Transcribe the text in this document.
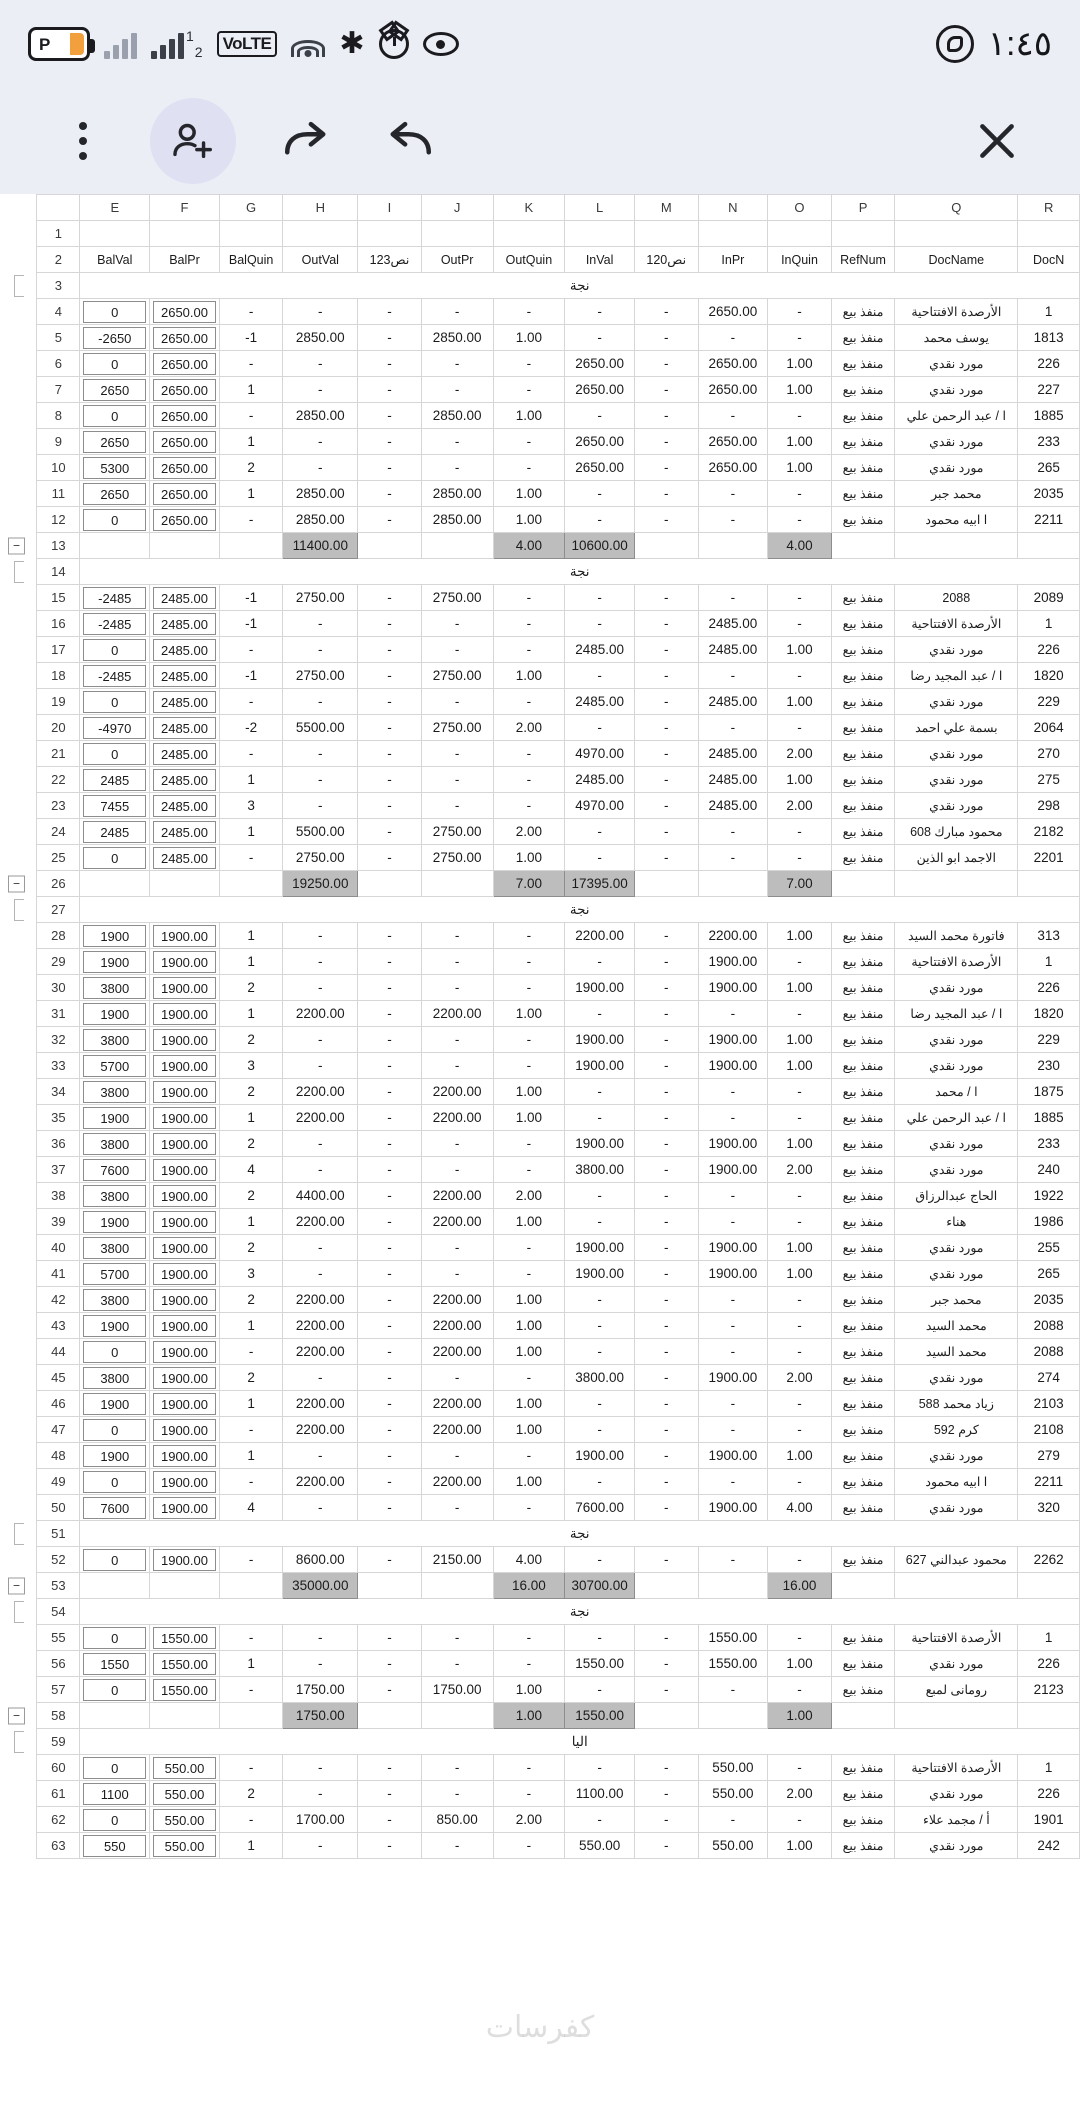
P	1
2	VoLTE ✱	١:٤٥
		E	F	G	H	I	J	K	L	M	N	O	P	Q	R
	1														
	2	BalVal	BalPr	BalQuin	OutVal	123نص	OutPr	OutQuin	InVal	120نص	InPr	InQuin	RefNum	DocName	DocN

	3	نجة													
	4	0	2650.00	-	-	-	-	-	-	-	2650.00	-	منفذ بيع	الأرصدة الافتتاحية	1
	5	-2650	2650.00	-1	2850.00	-	2850.00	1.00	-	-	-	-	منفذ بيع	يوسف محمد	1813
	6	0	2650.00	-	-	-	-	-	2650.00	-	2650.00	1.00	منفذ بيع	مورد نقدي	226
	7	2650	2650.00	1	-	-	-	-	2650.00	-	2650.00	1.00	منفذ بيع	مورد نقدي	227
	8	0	2650.00	-	2850.00	-	2850.00	1.00	-	-	-	-	منفذ بيع	ا / عبد الرحمن علي	1885
	9	2650	2650.00	1	-	-	-	-	2650.00	-	2650.00	1.00	منفذ بيع	مورد نقدي	233
	10	5300	2650.00	2	-	-	-	-	2650.00	-	2650.00	1.00	منفذ بيع	مورد نقدي	265
	11	2650	2650.00	1	2850.00	-	2850.00	1.00	-	-	-	-	منفذ بيع	محمد جبر	2035
	12	0	2650.00	-	2850.00	-	2850.00	1.00	-	-	-	-	منفذ بيع	ا ابيه محمود	2211

−	13				11400.00			4.00	10600.00			4.00			

	14	نجة													
	15	-2485	2485.00	-1	2750.00	-	2750.00	-	-	-	-	-	منفذ بيع	2088	2089
	16	-2485	2485.00	-1	-	-	-	-	-	-	2485.00	-	منفذ بيع	الأرصدة الافتتاحية	1
	17	0	2485.00	-	-	-	-	-	2485.00	-	2485.00	1.00	منفذ بيع	مورد نقدي	226
	18	-2485	2485.00	-1	2750.00	-	2750.00	1.00	-	-	-	-	منفذ بيع	ا / عبد المجيد رضا	1820
	19	0	2485.00	-	-	-	-	-	2485.00	-	2485.00	1.00	منفذ بيع	مورد نقدي	229
	20	-4970	2485.00	-2	5500.00	-	2750.00	2.00	-	-	-	-	منفذ بيع	بسمة علي احمد	2064
	21	0	2485.00	-	-	-	-	-	4970.00	-	2485.00	2.00	منفذ بيع	مورد نقدي	270
	22	2485	2485.00	1	-	-	-	-	2485.00	-	2485.00	1.00	منفذ بيع	مورد نقدي	275
	23	7455	2485.00	3	-	-	-	-	4970.00	-	2485.00	2.00	منفذ بيع	مورد نقدي	298
	24	2485	2485.00	1	5500.00	-	2750.00	2.00	-	-	-	-	منفذ بيع	محمود مبارك 608	2182
	25	0	2485.00	-	2750.00	-	2750.00	1.00	-	-	-	-	منفذ بيع	الاجمد ابو الذين	2201

−	26				19250.00			7.00	17395.00			7.00			

	27	نجة													
	28	1900	1900.00	1	-	-	-	-	2200.00	-	2200.00	1.00	منفذ بيع	فاتورة محمد السيد	313
	29	1900	1900.00	1	-	-	-	-	-	-	1900.00	-	منفذ بيع	الأرصدة الافتتاحية	1
	30	3800	1900.00	2	-	-	-	-	1900.00	-	1900.00	1.00	منفذ بيع	مورد نقدي	226
	31	1900	1900.00	1	2200.00	-	2200.00	1.00	-	-	-	-	منفذ بيع	ا / عبد المجيد رضا	1820
	32	3800	1900.00	2	-	-	-	-	1900.00	-	1900.00	1.00	منفذ بيع	مورد نقدي	229
	33	5700	1900.00	3	-	-	-	-	1900.00	-	1900.00	1.00	منفذ بيع	مورد نقدي	230
	34	3800	1900.00	2	2200.00	-	2200.00	1.00	-	-	-	-	منفذ بيع	ا / محمد	1875
	35	1900	1900.00	1	2200.00	-	2200.00	1.00	-	-	-	-	منفذ بيع	ا / عبد الرحمن علي	1885
	36	3800	1900.00	2	-	-	-	-	1900.00	-	1900.00	1.00	منفذ بيع	مورد نقدي	233
	37	7600	1900.00	4	-	-	-	-	3800.00	-	1900.00	2.00	منفذ بيع	مورد نقدي	240
	38	3800	1900.00	2	4400.00	-	2200.00	2.00	-	-	-	-	منفذ بيع	الحاج عبدالرزاق	1922
	39	1900	1900.00	1	2200.00	-	2200.00	1.00	-	-	-	-	منفذ بيع	هناء	1986
	40	3800	1900.00	2	-	-	-	-	1900.00	-	1900.00	1.00	منفذ بيع	مورد نقدي	255
	41	5700	1900.00	3	-	-	-	-	1900.00	-	1900.00	1.00	منفذ بيع	مورد نقدي	265
	42	3800	1900.00	2	2200.00	-	2200.00	1.00	-	-	-	-	منفذ بيع	محمد جبر	2035
	43	1900	1900.00	1	2200.00	-	2200.00	1.00	-	-	-	-	منفذ بيع	محمد السيد	2088
	44	0	1900.00	-	2200.00	-	2200.00	1.00	-	-	-	-	منفذ بيع	محمد السيد	2088
	45	3800	1900.00	2	-	-	-	-	3800.00	-	1900.00	2.00	منفذ بيع	مورد نقدي	274
	46	1900	1900.00	1	2200.00	-	2200.00	1.00	-	-	-	-	منفذ بيع	زياد محمد 588	2103
	47	0	1900.00	-	2200.00	-	2200.00	1.00	-	-	-	-	منفذ بيع	كرم 592	2108
	48	1900	1900.00	1	-	-	-	-	1900.00	-	1900.00	1.00	منفذ بيع	مورد نقدي	279
	49	0	1900.00	-	2200.00	-	2200.00	1.00	-	-	-	-	منفذ بيع	ا ابيه محمود	2211
	50	7600	1900.00	4	-	-	-	-	7600.00	-	1900.00	4.00	منفذ بيع	مورد نقدي	320

	51	نجة													
	52	0	1900.00	-	8600.00	-	2150.00	4.00	-	-	-	-	منفذ بيع	محمود عبدالني 627	2262

−	53				35000.00			16.00	30700.00			16.00			

	54	نجة													
	55	0	1550.00	-	-	-	-	-	-	-	1550.00	-	منفذ بيع	الأرصدة الافتتاحية	1
	56	1550	1550.00	1	-	-	-	-	1550.00	-	1550.00	1.00	منفذ بيع	مورد نقدي	226
	57	0	1550.00	-	1750.00	-	1750.00	1.00	-	-	-	-	منفذ بيع	رومانى لمبع	2123

−	58				1750.00			1.00	1550.00			1.00			

	59	اليا													
	60	0	550.00	-	-	-	-	-	-	-	550.00	-	منفذ بيع	الأرصدة الافتتاحية	1
	61	1100	550.00	2	-	-	-	-	1100.00	-	550.00	2.00	منفذ بيع	مورد نقدي	226
	62	0	550.00	-	1700.00	-	850.00	2.00	-	-	-	-	منفذ بيع	أ / مجمد علاء	1901
	63	550	550.00	1	-	-	-	-	550.00	-	550.00	1.00	منفذ بيع	مورد نقدي	242
كفرسات
